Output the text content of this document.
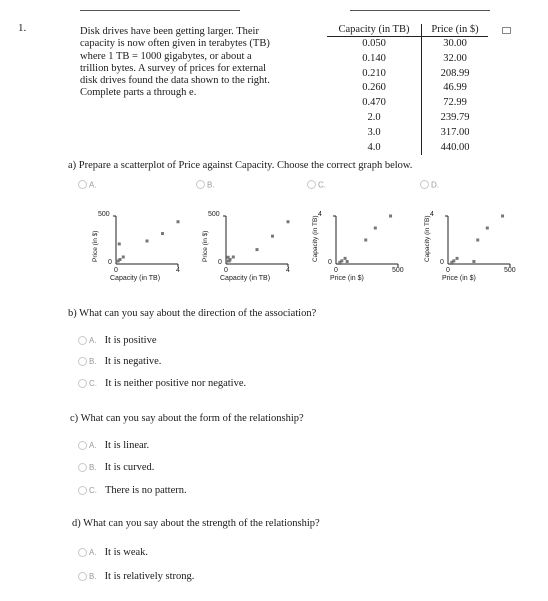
1.	Disk drives have been getting larger. Their
capacity is now often given in terabytes (TB)
where 1 TB = 1000 gigabytes, or about a
trillion bytes. A survey of prices for external
disk drives found the data shown to the right.
Complete parts a through e.
Capacity (in TB)	Price (in $)
0.050	30.00
0.140	32.00
0.210	208.99
0.260	46.99
0.470	72.99
2.0	239.79
3.0	317.00
4.0	440.00
a) Prepare a scatterplot of Price against Capacity. Choose the correct graph below.
A.	B.	C.	D.
500
0
0	4
Price (in $)
Capacity (in TB)
500
0
0	4
Price (in $)
Capacity (in TB)
4
0
0	500
Capacity (in TB)
Price (in $)
4
0
0	500
Capacity (in TB)
Price (in $)
b) What can you say about the direction of the association?
A. It is positive
B. It is negative.
C. It is neither positive nor negative.
c) What can you say about the form of the relationship?
A. It is linear.
B. It is curved.
C. There is no pattern.
d) What can you say about the strength of the relationship?
A. It is weak.
B. It is relatively strong.
